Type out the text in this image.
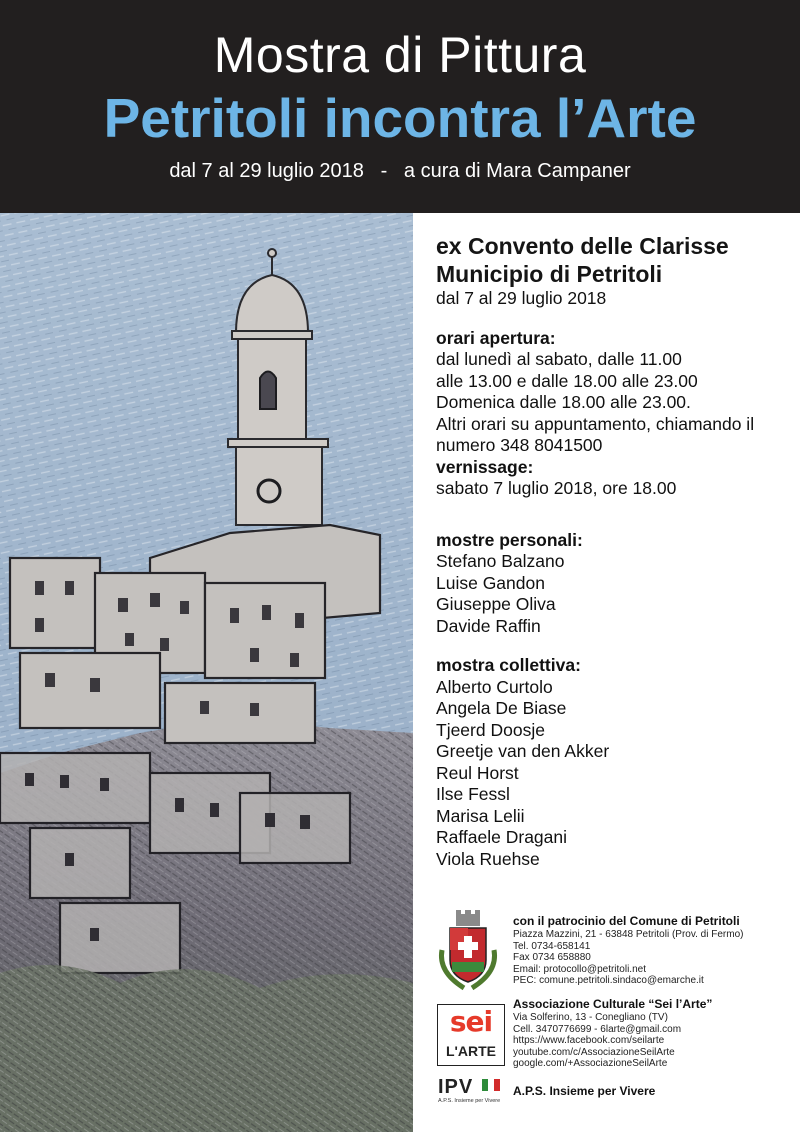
Mostra di Pittura
Petritoli incontra l’Arte
dal 7 al 29 luglio 2018   -   a cura di Mara Campaner
ex Convento delle Clarisse
Municipio di Petritoli
dal 7 al 29 luglio 2018
orari apertura:
dal lunedì al sabato, dalle 11.00
alle 13.00 e dalle 18.00 alle 23.00
Domenica dalle 18.00 alle 23.00.
Altri orari su appuntamento, chiamando il
numero 348 8041500
vernissage:
sabato 7 luglio 2018, ore 18.00
mostre personali:
Stefano Balzano
Luise Gandon
Giuseppe Oliva
Davide Raffin
mostra collettiva:
Alberto Curtolo
Angela De Biase
Tjeerd Doosje
Greetje van den Akker
Reul Horst
Ilse Fessl
Marisa Lelii
Raffaele Dragani
Viola Ruehse
con il patrocinio del Comune di Petritoli
Piazza Mazzini, 21 - 63848 Petritoli (Prov. di Fermo)
Tel. 0734-658141
Fax 0734 658880
Email: protocollo@petritoli.net
PEC: comune.petritoli.sindaco@emarche.it
sei
L'ARTE
Associazione Culturale “Sei l’Arte”
Via Solferino, 13 - Conegliano (TV)
Cell. 3470776699 - 6larte@gmail.com
https://www.facebook.com/seilarte
youtube.com/c/AssociazioneSeilArte
google.com/+AssociazioneSeilArte
IPV
A.P.S. Insieme per Vivere
A.P.S. Insieme per Vivere
